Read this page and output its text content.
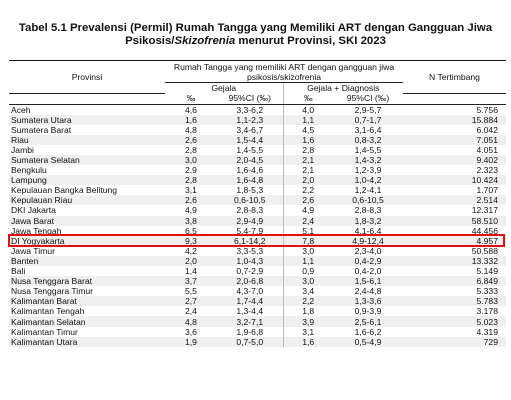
Tabel 5.1 Prevalensi (Permil) Rumah Tangga yang Memiliki ART dengan Gangguan Jiwa
Psikosis/Skizofrenia menurut Provinsi, SKI 2023
Provinsi	Rumah Tangga yang memiliki ART dengan gangguan jiwa				N Tertimbang
	psikosis/skizofrenia				
	Gejala		Gejala + Diagnosis		
	‰	95%CI (‰)	‰	95%CI (‰)	
Aceh	4,6	3,3-6,2	4,0	2,9-5,7	5.756
Sumatera Utara	1,6	1,1-2,3	1,1	0,7-1,7	15.884
Sumatera Barat	4,8	3,4-6,7	4,5	3,1-6,4	6.042
Riau	2,6	1,5-4,4	1,6	0,8-3,2	7.051
Jambi	2,8	1,4-5,5	2,8	1,4-5,5	4.051
Sumatera Selatan	3,0	2,0-4,5	2,1	1,4-3,2	9.402
Bengkulu	2,9	1,6-4,6	2,1	1,2-3,9	2.323
Lampung	2,8	1,6-4,8	2,0	1,0-4,2	10.424
Kepulauan Bangka Belitung	3,1	1,8-5,3	2,2	1,2-4,1	1.707
Kepulauan Riau	2,6	0,6-10,5	2,6	0,6-10,5	2.514
DKI Jakarta	4,9	2,8-8,3	4,9	2,8-8,3	12.317
Jawa Barat	3,8	2,9-4,9	2,4	1,8-3,2	58.510
Jawa Tengah	6,5	5,4-7,9	5,1	4,1-6,4	44.456
DI Yogyakarta	9,3	6,1-14,2	7,8	4,9-12,4	4.957
Jawa Timur	4,2	3,3-5,3	3,0	2,3-4,0	50.588
Banten	2,0	1,0-4,3	1,1	0,4-2,9	13.332
Bali	1,4	0,7-2,9	0,9	0,4-2,0	5.149
Nusa Tenggara Barat	3,7	2,0-6,8	3,0	1,5-6,1	6.849
Nusa Tenggara Timur	5,5	4,3-7,0	3,4	2,4-4,8	5.333
Kalimantan Barat	2,7	1,7-4,4	2,2	1,3-3,6	5.783
Kalimantan Tengah	2,4	1,3-4,4	1,8	0,9-3,9	3.178
Kalimantan Selatan	4,8	3,2-7,1	3,9	2,5-6,1	5.023
Kalimantan Timur	3,6	1,9-6,8	3,1	1,6-6,2	4.319
Kalimantan Utara	1,9	0,7-5,0	1,6	0,5-4,9	729
